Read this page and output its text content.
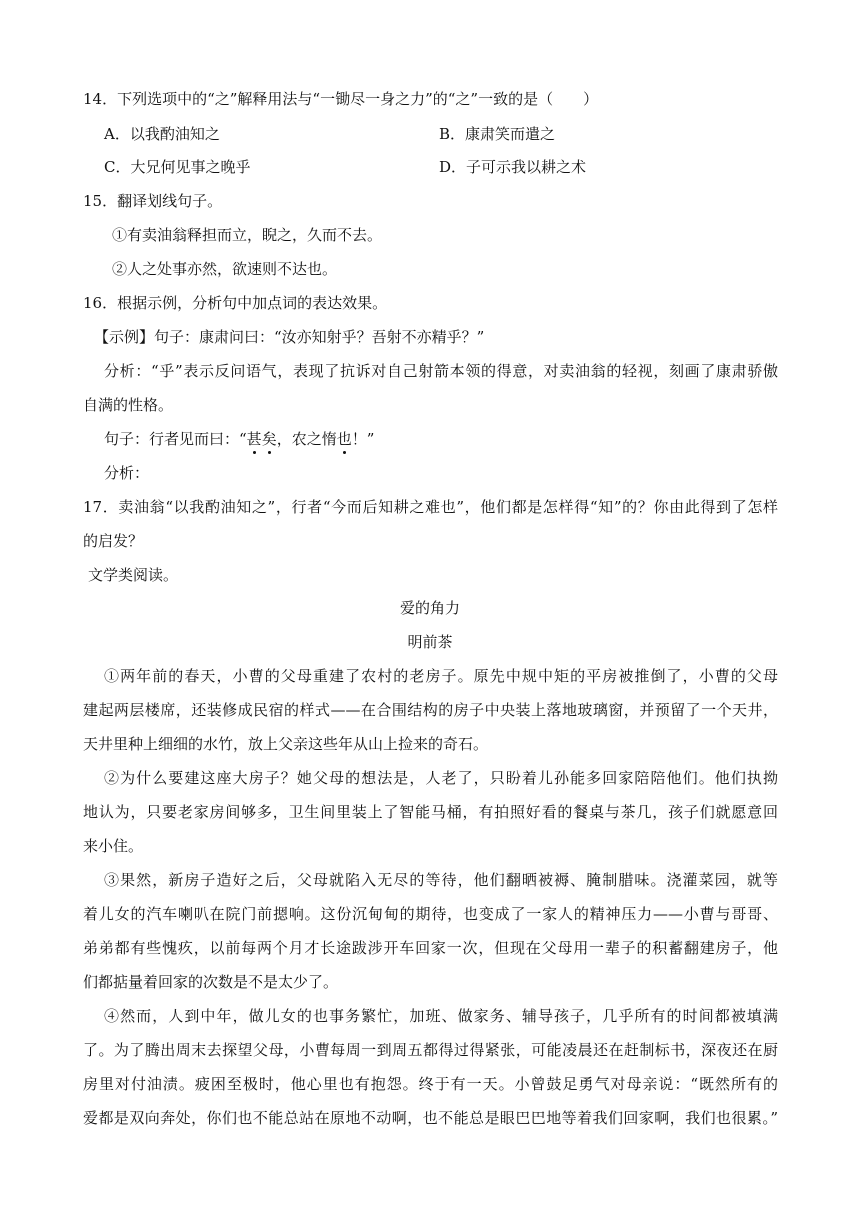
14．下列选项中的“之”解释用法与“一锄尽一身之力”的“之”一致的是（　　）
A．以我酌油知之	B．康肃笑而遣之
C．大兄何见事之晚乎	D．子可示我以耕之术
15．翻译划线句子。
①有卖油翁释担而立，睨之，久而不去。
②人之处事亦然，欲速则不达也。
16．根据示例，分析句中加点词的表达效果。
【示例】句子：康肃问曰：“汝亦知射乎？吾射不亦精乎？”
分析：“乎”表示反问语气，表现了抗诉对自己射箭本领的得意，对卖油翁的轻视，刻画了康肃骄傲
自满的性格。
句子：行者见而曰：“甚矣，农之惰也！”
分析：
17．卖油翁“以我酌油知之”，行者“今而后知耕之难也”，他们都是怎样得“知”的？你由此得到了怎样
的启发？
文学类阅读。
爱的角力
明前茶
①两年前的春天，小曹的父母重建了农村的老房子。原先中规中矩的平房被推倒了，小曹的父母
建起两层楼席，还装修成民宿的样式——在合围结构的房子中央装上落地玻璃窗，并预留了一个天井，
天井里种上细细的水竹，放上父亲这些年从山上捡来的奇石。
②为什么要建这座大房子？她父母的想法是，人老了，只盼着儿孙能多回家陪陪他们。他们执拗
地认为，只要老家房间够多，卫生间里装上了智能马桶，有拍照好看的餐桌与茶几，孩子们就愿意回
来小住。
③果然，新房子造好之后，父母就陷入无尽的等待，他们翻晒被褥、腌制腊味。浇灌菜园，就等
着儿女的汽车喇叭在院门前摁响。这份沉甸甸的期待，也变成了一家人的精神压力——小曹与哥哥、
弟弟都有些愧疚，以前每两个月才长途跋涉开车回家一次，但现在父母用一辈子的积蓄翻建房子，他
们都掂量着回家的次数是不是太少了。
④然而，人到中年，做儿女的也事务繁忙，加班、做家务、辅导孩子，几乎所有的时间都被填满
了。为了腾出周末去探望父母，小曹每周一到周五都得过得紧张，可能凌晨还在赶制标书，深夜还在厨
房里对付油渍。疲困至极时，他心里也有抱怨。终于有一天。小曾鼓足勇气对母亲说：“既然所有的
爱都是双向奔处，你们也不能总站在原地不动啊，也不能总是眼巴巴地等着我们回家啊，我们也很累。”
